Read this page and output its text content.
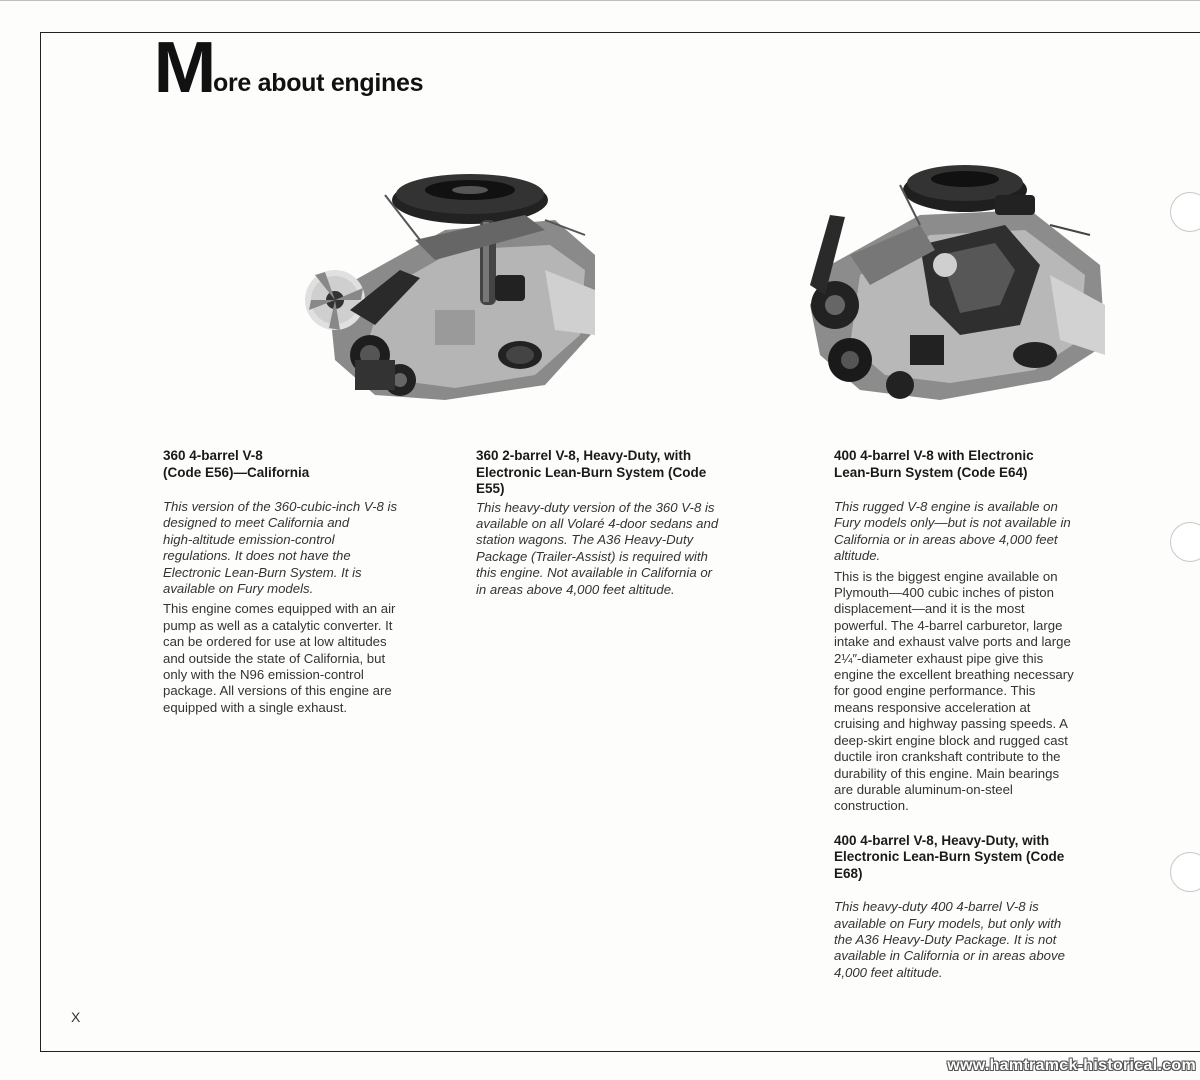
M
ore about engines

360 4-barrel V-8

(Code E56)—California

This version of the 360-cubic-inch V-8 is

designed to meet California and

high-altitude emission-control

regulations. It does not have the

Electronic Lean-Burn System. It is

available on Fury models.

This engine comes equipped with an air

pump as well as a catalytic converter. It

can be ordered for use at low altitudes

and outside the state of California, but

only with the N96 emission-control

package. All versions of this engine are

equipped with a single exhaust.

360 2-barrel V-8, Heavy-Duty, with

Electronic Lean-Burn System (Code

E55)

This heavy-duty version of the 360 V-8 is

available on all Volaré 4-door sedans and

station wagons. The A36 Heavy-Duty

Package (Trailer-Assist) is required with

this engine. Not available in California or

in areas above 4,000 feet altitude.

400 4-barrel V-8 with Electronic

Lean-Burn System (Code E64)

This rugged V-8 engine is available on

Fury models only—but is not available in

California or in areas above 4,000 feet

altitude.

This is the biggest engine available on

Plymouth—400 cubic inches of piston

displacement—and it is the most

powerful. The 4-barrel carburetor, large

intake and exhaust valve ports and large

2¼″-diameter exhaust pipe give this

engine the excellent breathing necessary

for good engine performance. This

means responsive acceleration at

cruising and highway passing speeds. A

deep-skirt engine block and rugged cast

ductile iron crankshaft contribute to the

durability of this engine. Main bearings

are durable aluminum-on-steel

construction.

400 4-barrel V-8, Heavy-Duty, with

Electronic Lean-Burn System (Code

E68)

This heavy-duty 400 4-barrel V-8 is

available on Fury models, but only with

the A36 Heavy-Duty Package. It is not

available in California or in areas above

4,000 feet altitude.

X
www.hamtramck-historical.com
